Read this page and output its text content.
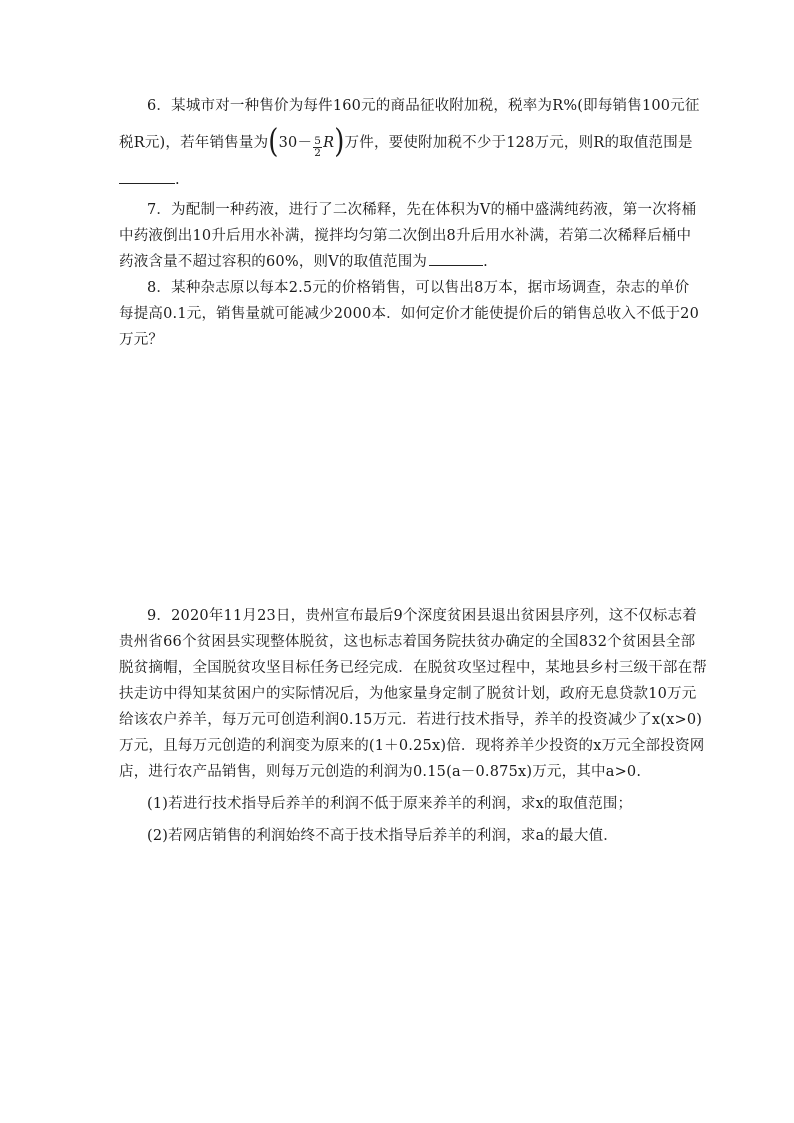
6．某城市对一种售价为每件160元的商品征收附加税，税率为R%(即每销售100元征
税R元)，若年销售量为$(30- \frac{5}{2} R)$万件，要使附加税不少于128万元，则R的取值范围是
.
7．为配制一种药液，进行了二次稀释，先在体积为V的桶中盛满纯药液，第一次将桶
中药液倒出10升后用水补满，搅拌均匀第二次倒出8升后用水补满，若第二次稀释后桶中
药液含量不超过容积的60%，则V的取值范围为	.
8．某种杂志原以每本2.5元的价格销售，可以售出8万本，据市场调查，杂志的单价
每提高0.1元，销售量就可能减少2000本．如何定价才能使提价后的销售总收入不低于20
万元？
9．2020年11月23日，贵州宣布最后9个深度贫困县退出贫困县序列，这不仅标志着
贵州省66个贫困县实现整体脱贫，这也标志着国务院扶贫办确定的全国832个贫困县全部
脱贫摘帽，全国脱贫攻坚目标任务已经完成．在脱贫攻坚过程中，某地县乡村三级干部在帮
扶走访中得知某贫困户的实际情况后，为他家量身定制了脱贫计划，政府无息贷款10万元
给该农户养羊，每万元可创造利润0.15万元．若进行技术指导，养羊的投资减少了x(x>0)
万元，且每万元创造的利润变为原来的(1＋0.25x)倍．现将养羊少投资的x万元全部投资网
店，进行农产品销售，则每万元创造的利润为0.15(a－0.875x)万元，其中a>0.
(1)若进行技术指导后养羊的利润不低于原来养羊的利润，求x的取值范围；
(2)若网店销售的利润始终不高于技术指导后养羊的利润，求a的最大值．
